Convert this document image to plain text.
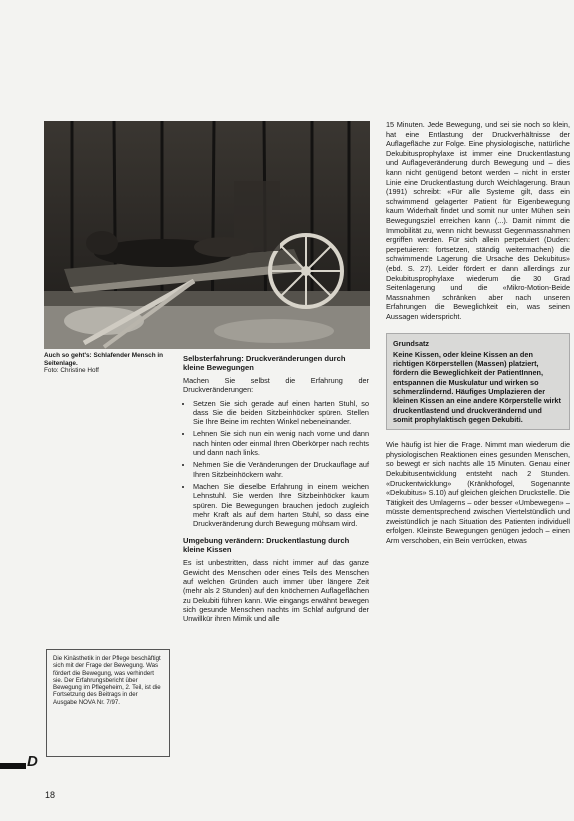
Auch so geht's: Schlafender Mensch in Seitenlage.
Foto: Christine Hoff
Die Kinästhetik in der Pflege beschäftigt sich mit der Frage der Bewegung. Was fördert die Bewegung, was verhindert sie. Der Erfahrungsbericht über Bewegung im Pflegeheim, 2. Teil, ist die Fortsetzung des Beitrags in der Ausgabe NOVA Nr. 7/97.
D
18
Selbsterfahrung: Druckveränderungen durch kleine Bewegungen

Machen Sie selbst die Erfahrung der Druckveränderungen:

• Setzen Sie sich gerade auf einen harten Stuhl, so dass Sie die beiden Sitzbeinhöcker spüren. Stellen Sie Ihre Beine im rechten Winkel nebeneinander.
• Lehnen Sie sich nun ein wenig nach vorne und dann nach hinten oder einmal Ihren Oberkörper nach rechts und dann nach links.
• Nehmen Sie die Veränderungen der Druckauflage auf Ihren Sitzbeinhöckern wahr.
• Machen Sie dieselbe Erfahrung in einem weichen Lehnstuhl. Sie werden Ihre Sitzbeinhöcker kaum spüren. Die Bewegungen brauchen jedoch zugleich mehr Kraft als auf dem harten Stuhl, so dass eine Druckveränderung durch Bewegung mühsam wird.
Umgebung verändern: Druckentlastung durch kleine Kissen

Es ist unbestritten, dass nicht immer auf das ganze Gewicht des Menschen oder eines Teils des Menschen auf welchen Gründen auch immer über längere Zeit (mehr als 2 Stunden) auf den knöchernen Auflageflächen zu Dekubiti führen kann. Wie eingangs erwähnt bewegen sich gesunde Menschen nachts im Schlaf aufgrund der Unwillkür ihren Mimik und alle

15 Minuten. Jede Bewegung, und sei sie noch so klein, hat eine Entlastung der Druckverhältnisse der Auflagefläche zur Folge. Eine physiologische, natürliche Dekubitusprophylaxe ist immer eine Druckentlastung und Auflageveränderung durch Bewegung und – dies kann nicht genügend betont werden – nicht in erster Linie eine Druckentlastung durch Weichlagerung. Braun (1991) schreibt: «Für alle Systeme gilt, dass ein schwimmend gelagerter Patient für Eigenbewegung kaum Widerhalt findet und somit nur unter Mühen sein Bewegungsziel erreichen kann (...). Damit nimmt die Immobilität zu, wenn nicht bewusst Gegenmassnahmen ergriffen werden. Für sich allein perpetuiert (Duden: perpetuieren: fortsetzen, ständig weitermachen) die schwimmende Lagerung die Ursache des Dekubitus» (ebd. S. 27). Leider fördert er dann allerdings zur Dekubitusprophylaxe wiederum die 30 Grad Seitenlagerung und die «Mikro-Motion-Beide Massnahmen schränken aber nach unseren Erfahrungen die Beweglichkeit ein, was seinen Aussagen widerspricht.

Grundsatz
Keine Kissen, oder kleine Kissen an den richtigen Körperstellen (Massen) platziert, fördern die Beweglichkeit der PatientInnen, entspannen die Muskulatur und wirken so schmerzlindernd. Häufiges Umplazieren der kleinen Kissen an eine andere Körperstelle wirkt druckentlastend und druckverändernd und somit prophylaktisch gegen Dekubiti.

Wie häufig ist hier die Frage. Nimmt man wiederum die physiologischen Reaktionen eines gesunden Menschen, so bewegt er sich nachts alle 15 Minuten. Genau einer Dekubitusentwicklung entsteht nach 2 Stunden. «Druckentwicklung» (Kränkhofogel, Sogenannte «Dekubitus» S.10) auf gleichen gleichen Druckstelle. Die Tätigkeit des Umlagerns – oder besser «Umbewegen» – müsste dementsprechend zwischen Viertelstündlich und zweistündlich je nach Situation des Patienten individuell erfolgen. Kleinste Bewegungen genügen jedoch – einen Arm verschoben, ein Bein verrücken, etwas
